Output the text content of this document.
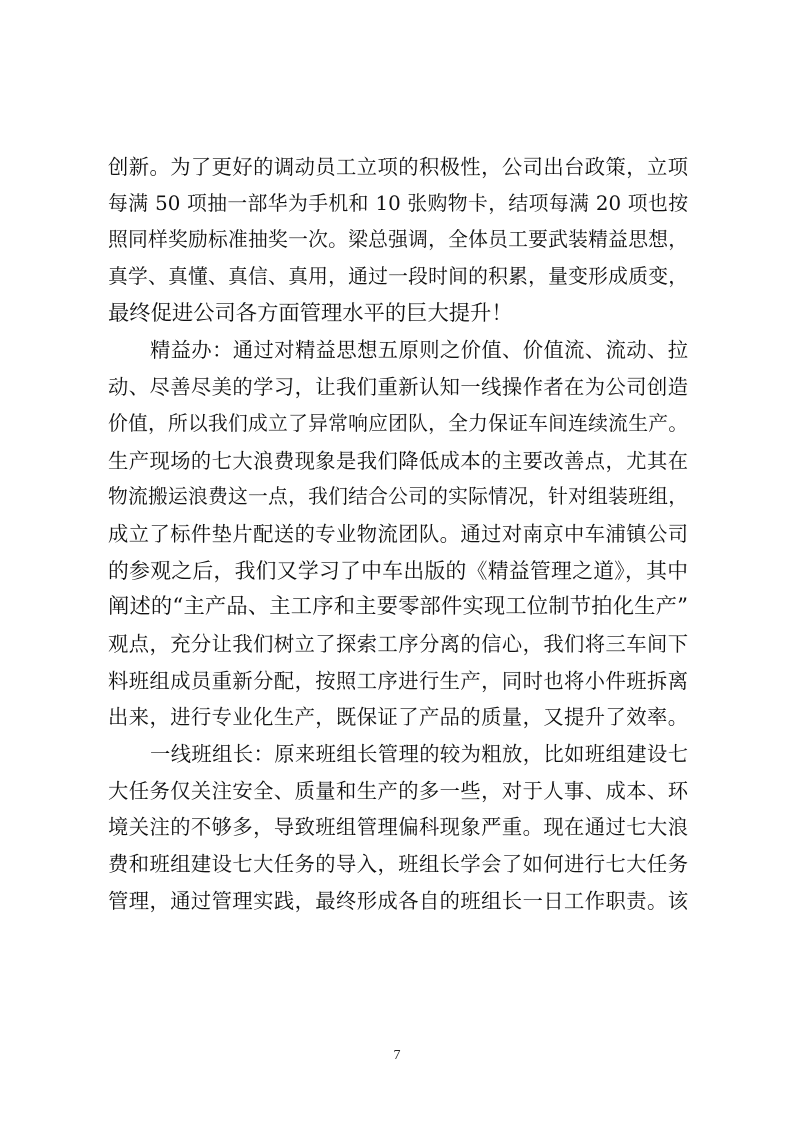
创新。为了更好的调动员工立项的积极性，公司出台政策，立项
每满 50 项抽一部华为手机和 10 张购物卡，结项每满 20 项也按
照同样奖励标准抽奖一次。梁总强调，全体员工要武装精益思想，
真学、真懂、真信、真用，通过一段时间的积累，量变形成质变，
最终促进公司各方面管理水平的巨大提升！
精益办：通过对精益思想五原则之价值、价值流、流动、拉
动、尽善尽美的学习，让我们重新认知一线操作者在为公司创造
价值，所以我们成立了异常响应团队，全力保证车间连续流生产。
生产现场的七大浪费现象是我们降低成本的主要改善点，尤其在
物流搬运浪费这一点，我们结合公司的实际情况，针对组装班组，
成立了标件垫片配送的专业物流团队。通过对南京中车浦镇公司
的参观之后，我们又学习了中车出版的《精益管理之道》，其中
阐述的“主产品、主工序和主要零部件实现工位制节拍化生产”
观点，充分让我们树立了探索工序分离的信心，我们将三车间下
料班组成员重新分配，按照工序进行生产，同时也将小件班拆离
出来，进行专业化生产，既保证了产品的质量，又提升了效率。
一线班组长：原来班组长管理的较为粗放，比如班组建设七
大任务仅关注安全、质量和生产的多一些，对于人事、成本、环
境关注的不够多，导致班组管理偏科现象严重。现在通过七大浪
费和班组建设七大任务的导入，班组长学会了如何进行七大任务
管理，通过管理实践，最终形成各自的班组长一日工作职责。该
7
